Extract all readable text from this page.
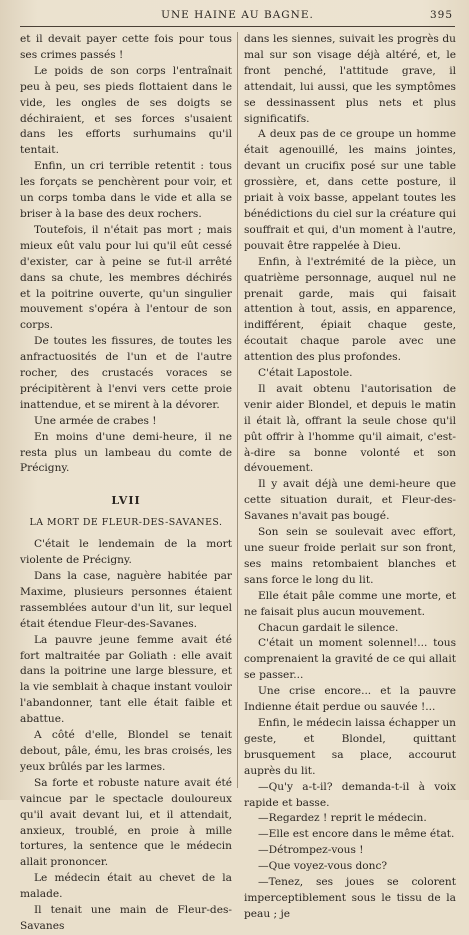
UNE HAINE AU BAGNE.	395

et il devait payer cette fois pour tous ses crimes passés !

Le poids de son corps l'entraînait peu à peu, ses pieds flottaient dans le vide, les ongles de ses doigts se déchiraient, et ses forces s'usaient dans les efforts surhumains qu'il tentait.

Enfin, un cri terrible retentit : tous les forçats se penchèrent pour voir, et un corps tomba dans le vide et alla se briser à la base des deux rochers.

Toutefois, il n'était pas mort ; mais mieux eût valu pour lui qu'il eût cessé d'exister, car à peine se fut-il arrêté dans sa chute, les membres déchirés et la poitrine ouverte, qu'un singulier mouvement s'opéra à l'entour de son corps.

De toutes les fissures, de toutes les anfractuosités de l'un et de l'autre rocher, des crustacés voraces se précipitèrent à l'envi vers cette proie inattendue, et se mirent à la dévorer.

Une armée de crabes !

En moins d'une demi-heure, il ne resta plus un lambeau du comte de Précigny.

LVII
LA MORT DE FLEUR-DES-SAVANES.

C'était le lendemain de la mort violente de Précigny.

Dans la case, naguère habitée par Maxime, plusieurs personnes étaient rassemblées autour d'un lit, sur lequel était étendue Fleur-des-Savanes.

La pauvre jeune femme avait été fort maltraitée par Goliath : elle avait dans la poitrine une large blessure, et la vie semblait à chaque instant vouloir l'abandonner, tant elle était faible et abattue.

A côté d'elle, Blondel se tenait debout, pâle, ému, les bras croisés, les yeux brûlés par les larmes.

Sa forte et robuste nature avait été vaincue par le spectacle douloureux qu'il avait devant lui, et il attendait, anxieux, troublé, en proie à mille tortures, la sentence que le médecin allait prononcer.

Le médecin était au chevet de la malade.

Il tenait une main de Fleur-des-Savanes

dans les siennes, suivait les progrès du mal sur son visage déjà altéré, et, le front penché, l'attitude grave, il attendait, lui aussi, que les symptômes se dessinassent plus nets et plus significatifs.

A deux pas de ce groupe un homme était agenouillé, les mains jointes, devant un crucifix posé sur une table grossière, et, dans cette posture, il priait à voix basse, appelant toutes les bénédictions du ciel sur la créature qui souffrait et qui, d'un moment à l'autre, pouvait être rappelée à Dieu.

Enfin, à l'extrémité de la pièce, un quatrième personnage, auquel nul ne prenait garde, mais qui faisait attention à tout, assis, en apparence, indifférent, épiait chaque geste, écoutait chaque parole avec une attention des plus profondes.

C'était Lapostole.

Il avait obtenu l'autorisation de venir aider Blondel, et depuis le matin il était là, offrant la seule chose qu'il pût offrir à l'homme qu'il aimait, c'est-à-dire sa bonne volonté et son dévouement.

Il y avait déjà une demi-heure que cette situation durait, et Fleur-des-Savanes n'avait pas bougé.

Son sein se soulevait avec effort, une sueur froide perlait sur son front, ses mains retombaient blanches et sans force le long du lit.

Elle était pâle comme une morte, et ne faisait plus aucun mouvement.

Chacun gardait le silence.

C'était un moment solennel!... tous comprenaient la gravité de ce qui allait se passer...

Une crise encore... et la pauvre Indienne était perdue ou sauvée !...

Enfin, le médecin laissa échapper un geste, et Blondel, quittant brusquement sa place, accourut auprès du lit.

—Qu'y a-t-il? demanda-t-il à voix rapide et basse.

—Regardez ! reprit le médecin.

—Elle est encore dans le même état.

—Détrompez-vous !

—Que voyez-vous donc?

—Tenez, ses joues se colorent imperceptiblement sous le tissu de la peau ; je
